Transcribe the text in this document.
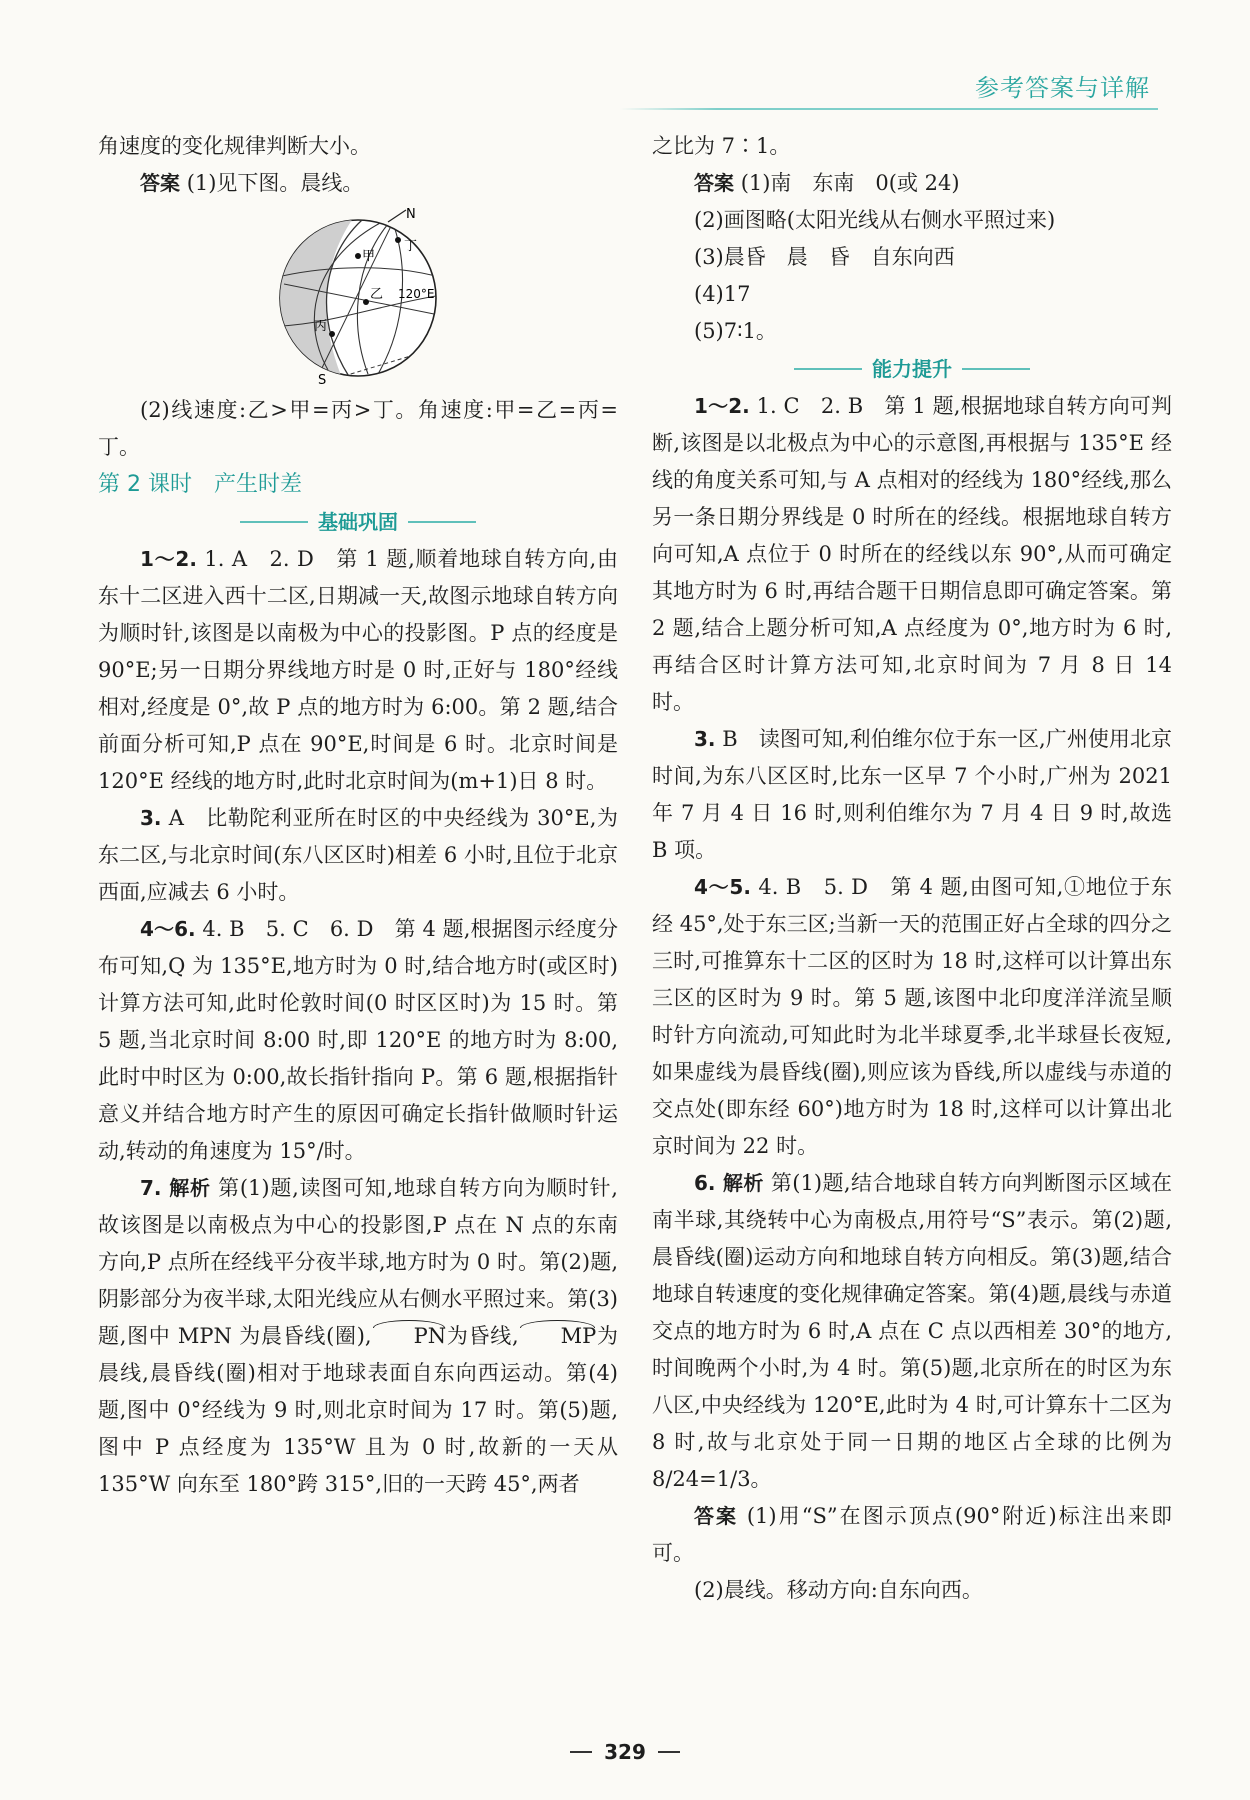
参考答案与详解

角速度的变化规律判断大小。

答案 (1)见下图。晨线。

N
S
甲
乙
丙
丁
120°E

(2)线速度:乙>甲=丙>丁。角速度:甲=乙=丙=丁。

第 2 课时　产生时差

基础巩固

1～2. 1. A　2. D　第 1 题,顺着地球自转方向,由东十二区进入西十二区,日期减一天,故图示地球自转方向为顺时针,该图是以南极为中心的投影图。P 点的经度是 90°E;另一日期分界线地方时是 0 时,正好与 180°经线相对,经度是 0°,故 P 点的地方时为 6:00。第 2 题,结合前面分析可知,P 点在 90°E,时间是 6 时。北京时间是 120°E 经线的地方时,此时北京时间为(m+1)日 8 时。

3. A　比勒陀利亚所在时区的中央经线为 30°E,为东二区,与北京时间(东八区区时)相差 6 小时,且位于北京西面,应减去 6 小时。

4～6. 4. B　5. C　6. D　第 4 题,根据图示经度分布可知,Q 为 135°E,地方时为 0 时,结合地方时(或区时)计算方法可知,此时伦敦时间(0 时区区时)为 15 时。第 5 题,当北京时间 8:00 时,即 120°E 的地方时为 8:00,此时中时区为 0:00,故长指针指向 P。第 6 题,根据指针意义并结合地方时产生的原因可确定长指针做顺时针运动,转动的角速度为 15°/时。

7. 解析 第(1)题,读图可知,地球自转方向为顺时针,故该图是以南极点为中心的投影图,P 点在 N 点的东南方向,P 点所在经线平分夜半球,地方时为 0 时。第(2)题,阴影部分为夜半球,太阳光线应从右侧水平照过来。第(3)题,图中 MPN 为晨昏线(圈), PN为昏线, MP为晨线,晨昏线(圈)相对于地球表面自东向西运动。第(4)题,图中 0°经线为 9 时,则北京时间为 17 时。第(5)题,图中 P 点经度为 135°W 且为 0 时,故新的一天从 135°W 向东至 180°跨 315°,旧的一天跨 45°,两者

之比为 7∶1。

答案 (1)南　东南　0(或 24)

(2)画图略(太阳光线从右侧水平照过来)

(3)晨昏　晨　昏　自东向西

(4)17

(5)7∶1。

能力提升

1～2. 1. C　2. B　第 1 题,根据地球自转方向可判断,该图是以北极点为中心的示意图,再根据与 135°E 经线的角度关系可知,与 A 点相对的经线为 180°经线,那么另一条日期分界线是 0 时所在的经线。根据地球自转方向可知,A 点位于 0 时所在的经线以东 90°,从而可确定其地方时为 6 时,再结合题干日期信息即可确定答案。第 2 题,结合上题分析可知,A 点经度为 0°,地方时为 6 时,再结合区时计算方法可知,北京时间为 7 月 8 日 14 时。

3. B　读图可知,利伯维尔位于东一区,广州使用北京时间,为东八区区时,比东一区早 7 个小时,广州为 2021 年 7 月 4 日 16 时,则利伯维尔为 7 月 4 日 9 时,故选 B 项。

4～5. 4. B　5. D　第 4 题,由图可知,①地位于东经 45°,处于东三区;当新一天的范围正好占全球的四分之三时,可推算东十二区的区时为 18 时,这样可以计算出东三区的区时为 9 时。第 5 题,该图中北印度洋洋流呈顺时针方向流动,可知此时为北半球夏季,北半球昼长夜短,如果虚线为晨昏线(圈),则应该为昏线,所以虚线与赤道的交点处(即东经 60°)地方时为 18 时,这样可以计算出北京时间为 22 时。

6. 解析 第(1)题,结合地球自转方向判断图示区域在南半球,其绕转中心为南极点,用符号“S”表示。第(2)题,晨昏线(圈)运动方向和地球自转方向相反。第(3)题,结合地球自转速度的变化规律确定答案。第(4)题,晨线与赤道交点的地方时为 6 时,A 点在 C 点以西相差 30°的地方,时间晚两个小时,为 4 时。第(5)题,北京所在的时区为东八区,中央经线为 120°E,此时为 4 时,可计算东十二区为 8 时,故与北京处于同一日期的地区占全球的比例为 8/24=1/3。

答案 (1)用“S”在图示顶点(90°附近)标注出来即可。

(2)晨线。移动方向:自东向西。

329
